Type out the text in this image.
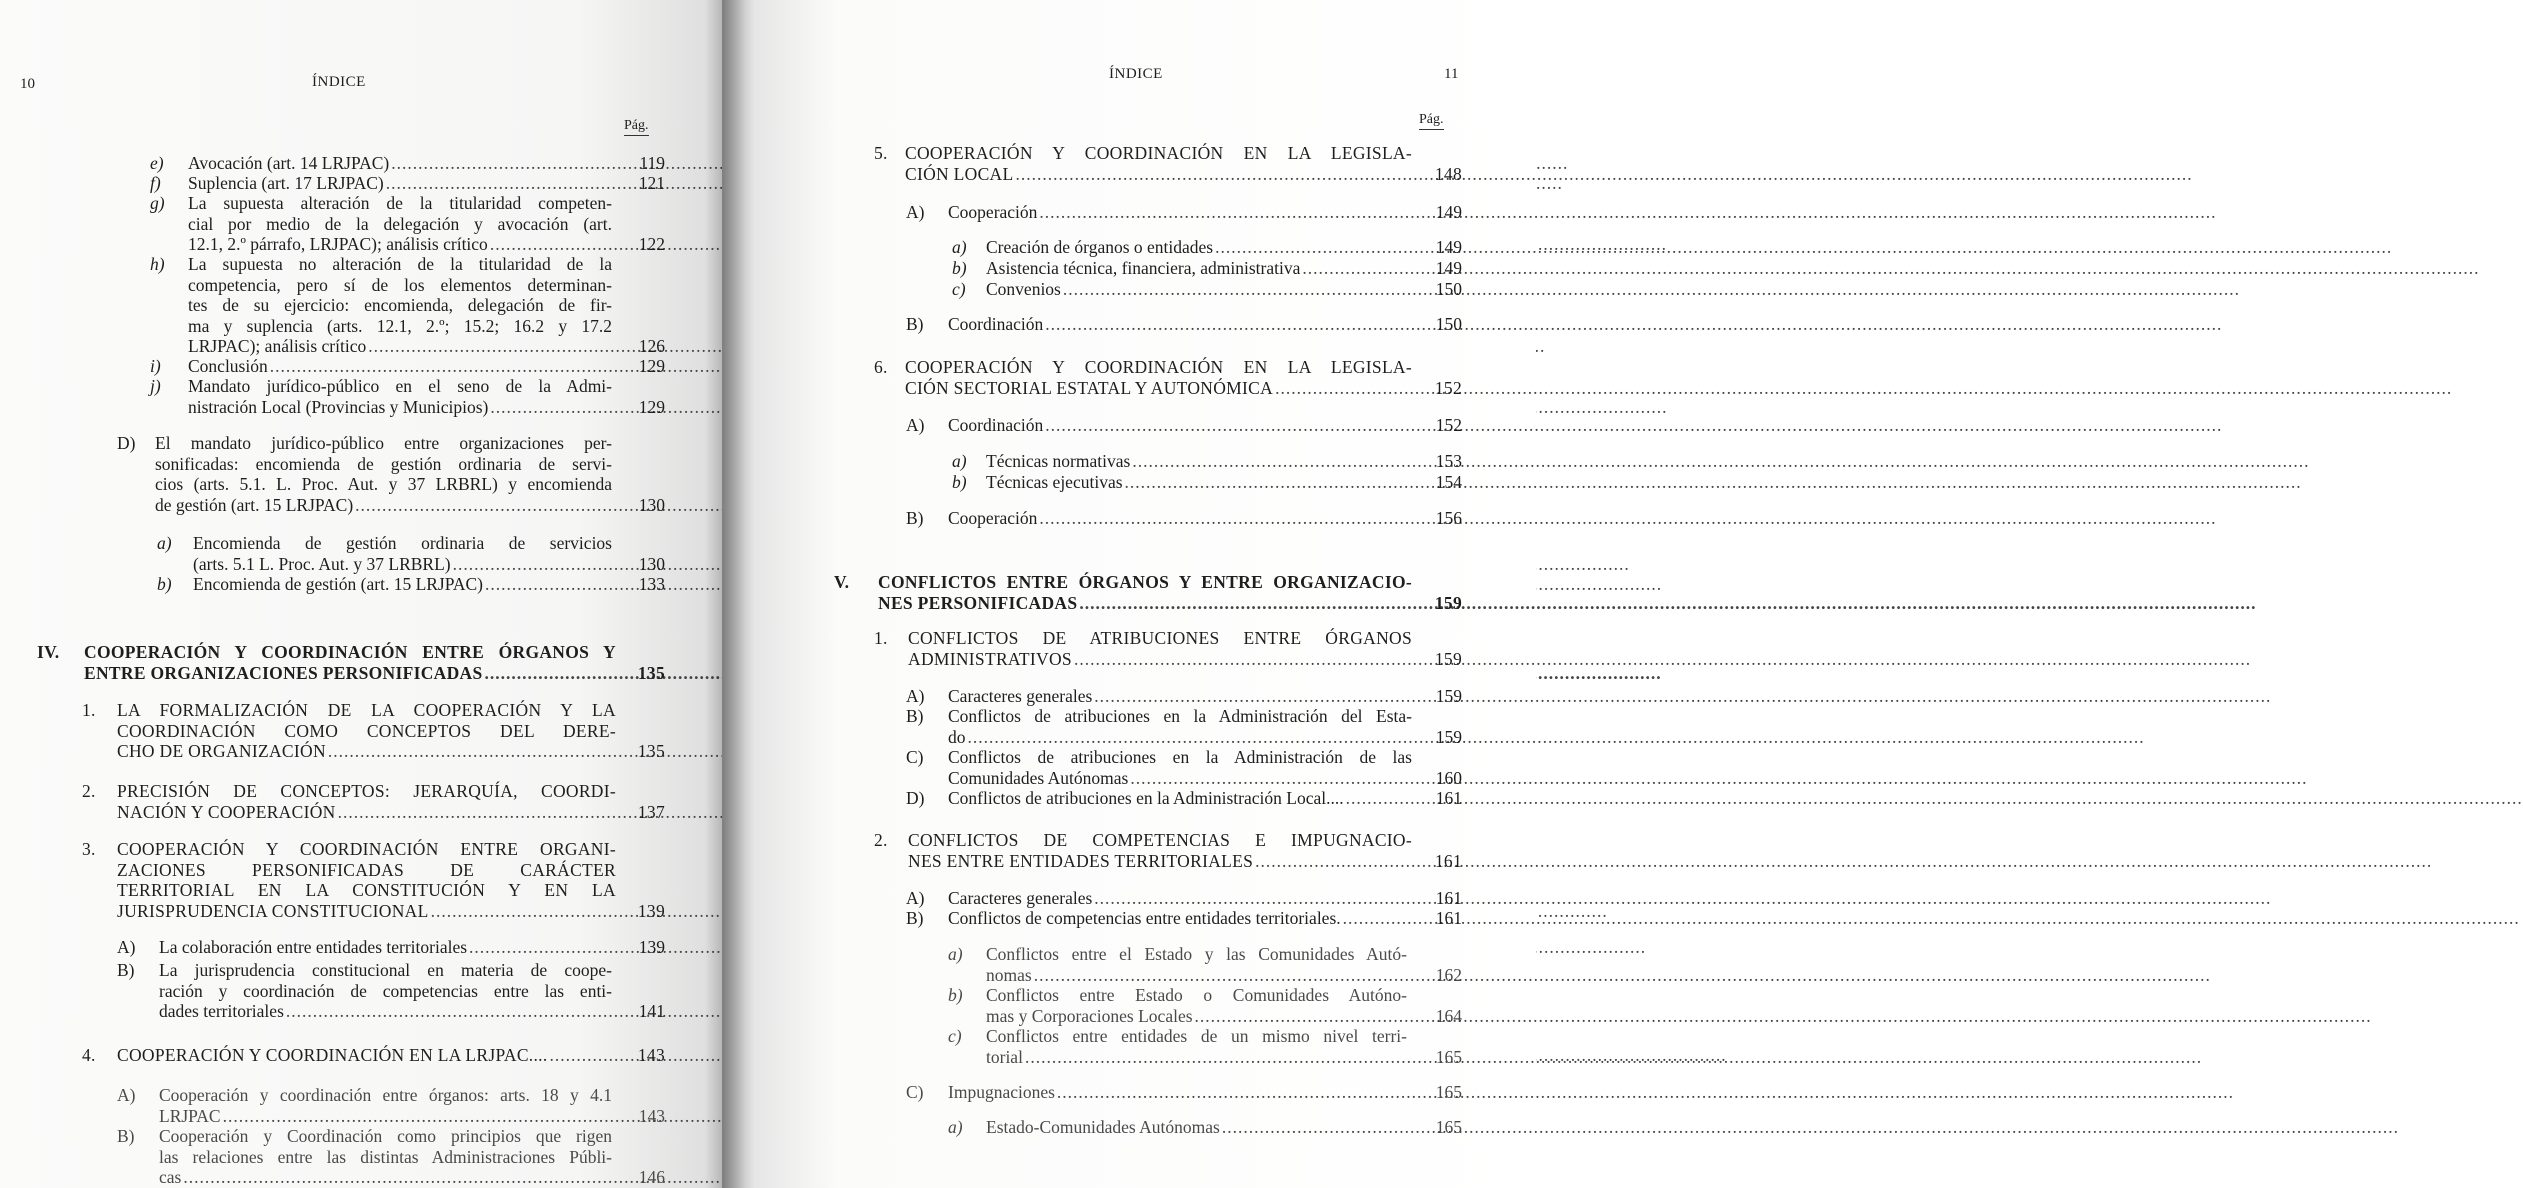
10	ÍNDICE
Pág.
e) Avocación (art. 14 LRJPAC) .....	119
f) Suplencia (art. 17 LRJPAC) .....	121
g) La supuesta alteración de la titularidad competen-
cial por medio de la delegación y avocación (art.
12.1, 2.º párrafo, LRJPAC); análisis crítico .....	122
h) La supuesta no alteración de la titularidad de la
competencia, pero sí de los elementos determinan-
tes de su ejercicio: encomienda, delegación de fir-
ma y suplencia (arts. 12.1, 2.º; 15.2; 16.2 y 17.2
LRJPAC); análisis crítico .....	126
i) Conclusión .....	129
j) Mandato jurídico-público en el seno de la Admi-
nistración Local (Provincias y Municipios) .....	129
D) El mandato jurídico-público entre organizaciones per-
sonificadas: encomienda de gestión ordinaria de servi-
cios (arts. 5.1. L. Proc. Aut. y 37 LRBRL) y encomienda
de gestión (art. 15 LRJPAC) .....	130
a) Encomienda de gestión ordinaria de servicios
(arts. 5.1 L. Proc. Aut. y 37 LRBRL) .....	130
b) Encomienda de gestión (art. 15 LRJPAC) .....	133
IV. COOPERACIÓN Y COORDINACIÓN ENTRE ÓRGANOS Y
ENTRE ORGANIZACIONES PERSONIFICADAS .....	135
1. LA FORMALIZACIÓN DE LA COOPERACIÓN Y LA
COORDINACIÓN COMO CONCEPTOS DEL DERE-
CHO DE ORGANIZACIÓN .....	135
2. PRECISIÓN DE CONCEPTOS: JERARQUÍA, COORDI-
NACIÓN Y COOPERACIÓN .....	137
3. COOPERACIÓN Y COORDINACIÓN ENTRE ORGANI-
ZACIONES PERSONIFICADAS DE CARÁCTER
TERRITORIAL EN LA CONSTITUCIÓN Y EN LA
JURISPRUDENCIA CONSTITUCIONAL .....	139
A) La colaboración entre entidades territoriales .....	139
B) La jurisprudencia constitucional en materia de coope-
ración y coordinación de competencias entre las enti-
dades territoriales .....	141
4. COOPERACIÓN Y COORDINACIÓN EN LA LRJPAC.... .....	143
A) Cooperación y coordinación entre órganos: arts. 18 y 4.1
LRJPAC .....	143
B) Cooperación y Coordinación como principios que rigen
las relaciones entre las distintas Administraciones Públi-
cas .....	146
ÍNDICE	11
Pág.
5. COOPERACIÓN Y COORDINACIÓN EN LA LEGISLA-
CIÓN LOCAL .....	148
A) Cooperación .....	149
a) Creación de órganos o entidades .....	149
b) Asistencia técnica, financiera, administrativa .....	149
c) Convenios .....	150
B) Coordinación .....	150
6. COOPERACIÓN Y COORDINACIÓN EN LA LEGISLA-
CIÓN SECTORIAL ESTATAL Y AUTONÓMICA .....	152
A) Coordinación .....	152
a) Técnicas normativas .....	153
b) Técnicas ejecutivas .....	154
B) Cooperación .....	156
V. CONFLICTOS ENTRE ÓRGANOS Y ENTRE ORGANIZACIO-
NES PERSONIFICADAS .....	159
1. CONFLICTOS DE ATRIBUCIONES ENTRE ÓRGANOS
ADMINISTRATIVOS .....	159
A) Caracteres generales .....	159
B) Conflictos de atribuciones en la Administración del Esta-
do .....	159
C) Conflictos de atribuciones en la Administración de las
Comunidades Autónomas .....	160
D) Conflictos de atribuciones en la Administración Local.... .....	161
2. CONFLICTOS DE COMPETENCIAS E IMPUGNACIO-
NES ENTRE ENTIDADES TERRITORIALES .....	161
A) Caracteres generales .....	161
B) Conflictos de competencias entre entidades territoriales. .....	161
a) Conflictos entre el Estado y las Comunidades Autó-
nomas .....	162
b) Conflictos entre Estado o Comunidades Autóno-
mas y Corporaciones Locales .....	164
c) Conflictos entre entidades de un mismo nivel terri-
torial .....	165
C) Impugnaciones .....	165
a) Estado-Comunidades Autónomas .....	165
